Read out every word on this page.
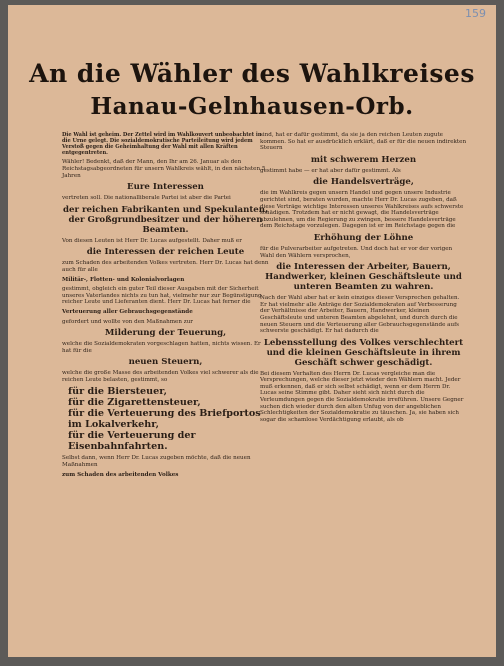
159
An die Wähler des Wahlkreises
Hanau-Gelnhausen-Orb.

Die Wahl ist geheim. Der Zettel wird im Wahlkouvert unbeobachtet in die Urne gelegt. Die sozialdemokratische Parteileitung wird jedem Verstoß gegen die Geheimhaltung der Wahl mit allen Kräften entgegentreten.

Wähler! Bedenkt, daß der Mann, den Ihr am 26. Januar als den Reichstagsabgeordneten für unsern Wahlkreis wählt, in den nächsten 5 Jahren

Eure Interessen

vertreten soll. Die nationalliberale Partei ist aber die Partei

der reichen Fabrikanten und Spekulanten, der Großgrundbesitzer und der höheren Beamten.

Von diesen Leuten ist Herr Dr. Lucas aufgestellt. Daher muß er

die Interessen der reichen Leute

zum Schaden des arbeitenden Volkes vertreten. Herr Dr. Lucas hat denn auch für alle

Militär-, Flotten- und Kolonialvorlagen

gestimmt, obgleich ein guter Teil dieser Ausgaben mit der Sicherheit unseres Vaterlandes nichts zu tun hat, vielmehr nur zur Begünstigung reicher Leute und Lieferanten dient. Herr Dr. Lucas hat ferner die

Verteuerung aller Gebrauchsgegenstände

gefordert und wollte von den Maßnahmen zur

Milderung der Teuerung,

welche die Sozialdemokraten vorgeschlagen hatten, nichts wissen. Er hat für die

neuen Steuern,

welche die große Masse des arbeitenden Volkes viel schwerer als die reichen Leute belasten, gestimmt, so

für die Biersteuer,
für die Zigarettensteuer,
für die Verteuerung des Briefportos im Lokalverkehr,
für die Verteuerung der Eisenbahnfahrten.

Selbst dann, wenn Herr Dr. Lucas zugeben möchte, daß die neuen Maßnahmen

zum Schaden des arbeitenden Volkes

sind, hat er dafür gestimmt, da sie ja den reichen Leuten zugute kommen. So hat er ausdrücklich erklärt, daß er für die neuen indirekten Steuern

mit schwerem Herzen

gestimmt habe — er hat aber dafür gestimmt. Als

die Handelsverträge,

die im Wahlkreis gegen unsern Handel und gegen unsere Industrie gerichtet sind, beraten wurden, machte Herr Dr. Lucas zugeben, daß diese Verträge wichtige Interessen unseres Wahlkreises aufs schwerste schädigen. Trotzdem hat er nicht gewagt, die Handelsverträge abzulehnen, um die Regierung zu zwingen, bessere Handelsverträge dem Reichstage vorzulegen. Dagegen ist er im Reichstage gegen die

Erhöhung der Löhne

für die Pulverarbeiter aufgetreten. Und doch hat er vor der vorigen Wahl den Wählern versprochen,

die Interessen der Arbeiter, Bauern, Handwerker, kleinen Geschäftsleute und unteren Beamten zu wahren.

Nach der Wahl aber hat er kein einziges dieser Versprechen gehalten. Er hat vielmehr alle Anträge der Sozialdemokraten auf Verbesserung der Verhältnisse der Arbeiter, Bauern, Handwerker, kleinen Geschäftsleute und unteren Beamten abgelehnt, und durch durch die neuen Steuern und die Verteuerung aller Gebrauchsgegenstände aufs schwerste geschädigt. Er hat dadurch die

Lebensstellung des Volkes verschlechtert und die kleinen Geschäftsleute in ihrem Geschäft schwer geschädigt.

Bei diesem Verhalten des Herrn Dr. Lucas vergleiche man die Versprechungen, welche dieser jetzt wieder den Wählern macht. Jeder muß erkennen, daß er sich selbst schädigt, wenn er dem Herrn Dr. Lucas seine Stimme gibt. Daher sieht sich nicht durch die Verleumdungen gegen die Sozialdemokratie irreführen. Unsere Gegner suchen dich wieder durch den alten Unfug von der angeblichen Schlechtigkeiten der Sozialdemokratie zu täuschen. Ja, sie haben sich sogar die schamlose Verdächtigung erlaubt, als ob
